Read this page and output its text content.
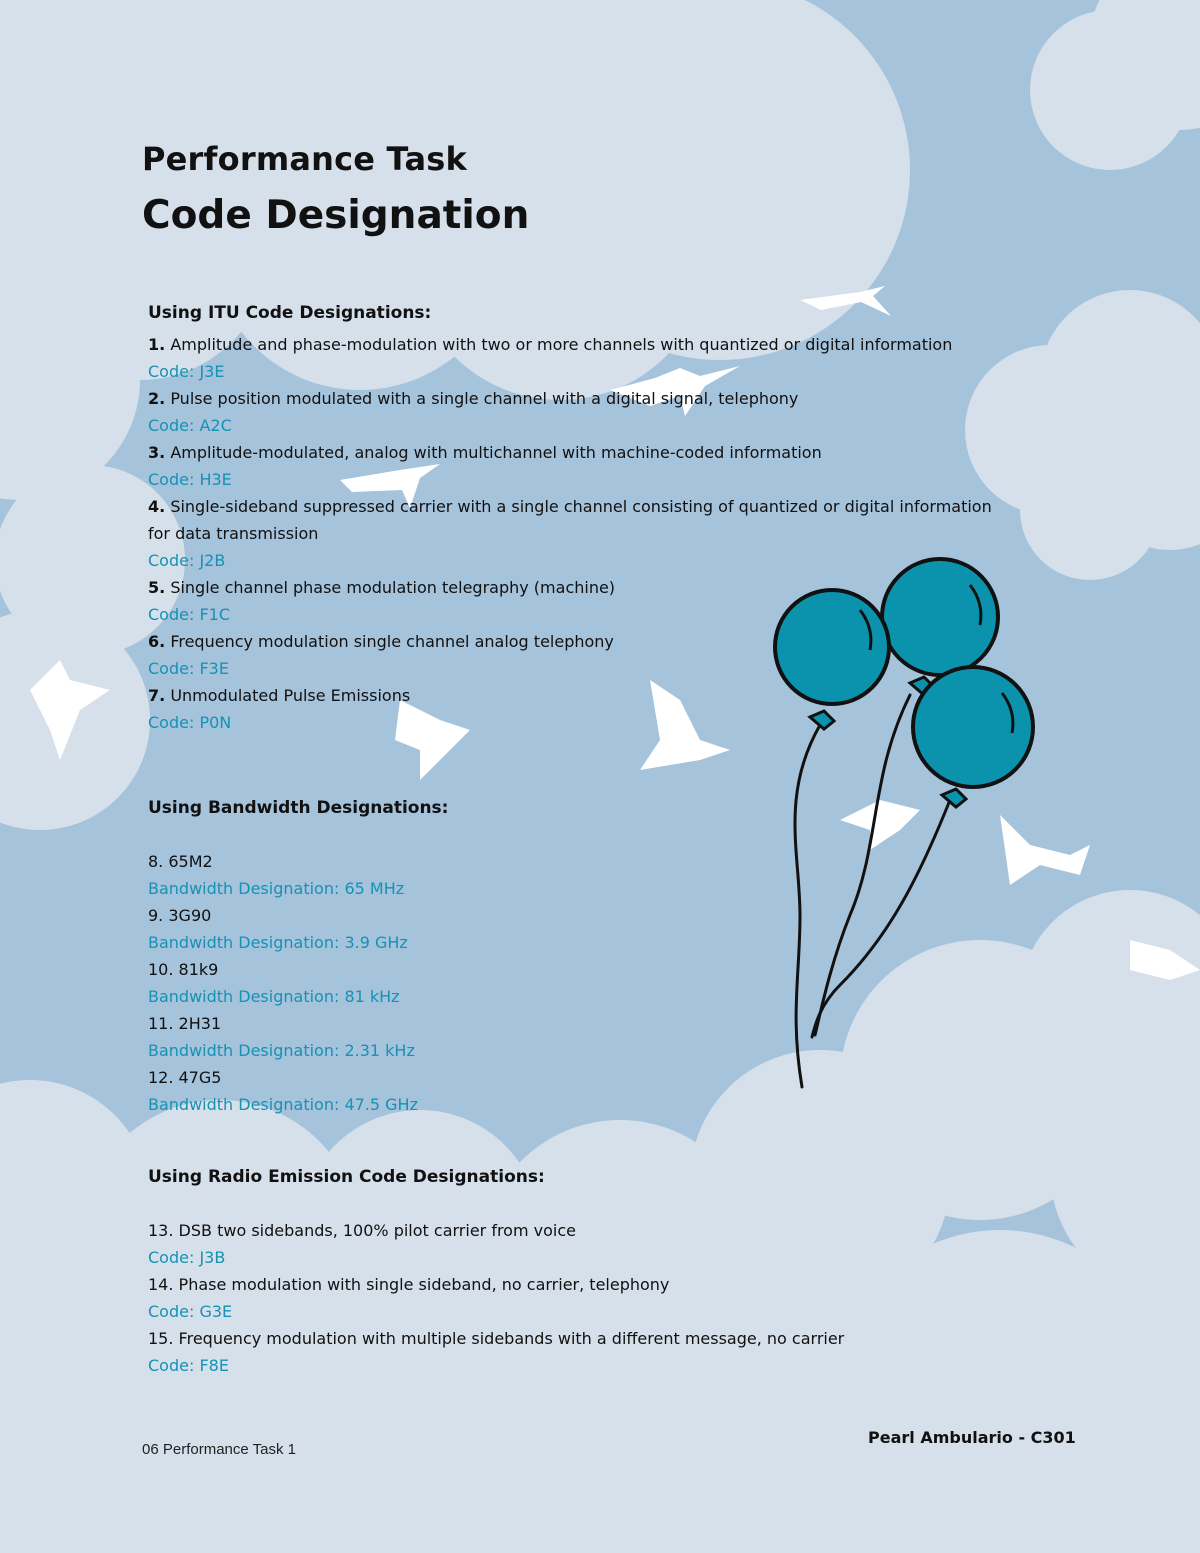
Performance Task
Code Designation

Using ITU Code Designations:

1. Amplitude and phase-modulation with two or more channels with quantized or digital information

Code: J3E

2. Pulse position modulated with a single channel with a digital signal, telephony

Code: A2C

3. Amplitude-modulated, analog with multichannel with machine-coded information

Code: H3E

4. Single-sideband suppressed carrier with a single channel consisting of quantized or digital information for data transmission

Code: J2B

5. Single channel phase modulation telegraphy (machine)

Code: F1C

6. Frequency modulation single channel analog telephony

Code: F3E

7. Unmodulated Pulse Emissions

Code: P0N

Using Bandwidth Designations:

8. 65M2

Bandwidth Designation: 65 MHz

9. 3G90

Bandwidth Designation: 3.9 GHz

10. 81k9

Bandwidth Designation: 81 kHz

11. 2H31

Bandwidth Designation: 2.31 kHz

12. 47G5

Bandwidth Designation: 47.5 GHz

Using Radio Emission Code Designations:

13. DSB two sidebands, 100% pilot carrier from voice

Code: J3B

14. Phase modulation with single sideband, no carrier, telephony

Code: G3E

15. Frequency modulation with multiple sidebands with a different message, no carrier

Code: F8E

06 Performance Task 1
Pearl Ambulario - C301
